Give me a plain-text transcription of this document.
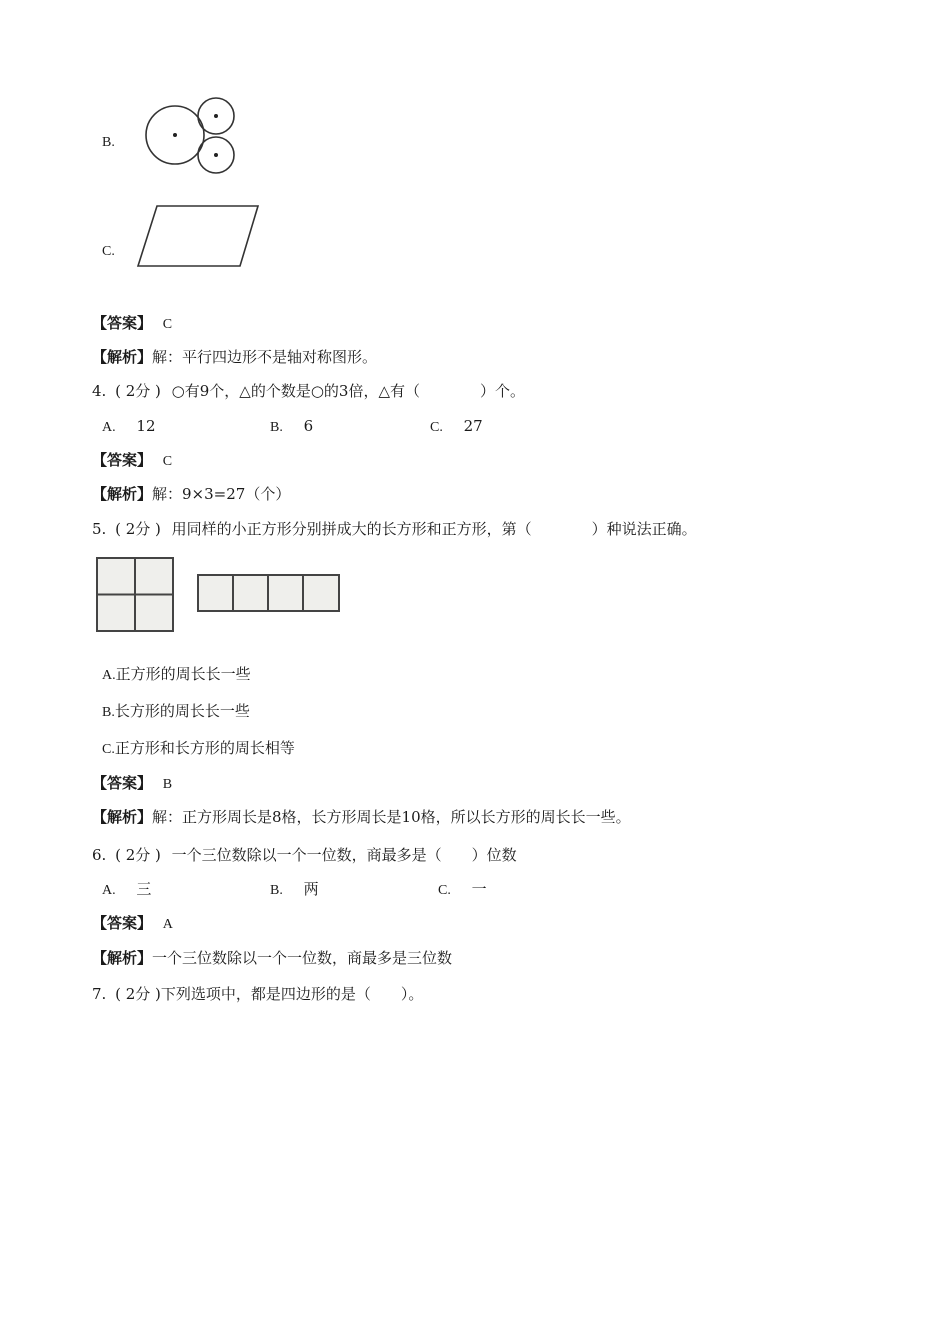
B.
C.
【答案】 C
【解析】解：平行四边形不是轴对称图形。
4. ( 2分 ) ○有9个，△的个数是○的3倍，△有（　　　　）个。
A. 12	B. 6	C. 27
【答案】 C
【解析】解：9×3=27（个）
5. ( 2分 ) 用同样的小正方形分别拼成大的长方形和正方形，第（　　　　）种说法正确。
A.正方形的周长长一些
B.长方形的周长长一些
C.正方形和长方形的周长相等
【答案】 B
【解析】解：正方形周长是8格，长方形周长是10格，所以长方形的周长长一些。
6. ( 2分 ) 一个三位数除以一个一位数，商最多是（　　）位数
A. 三	B. 两	C. 一
【答案】 A
【解析】一个三位数除以一个一位数，商最多是三位数
7. ( 2分 )下列选项中，都是四边形的是（　　）。
